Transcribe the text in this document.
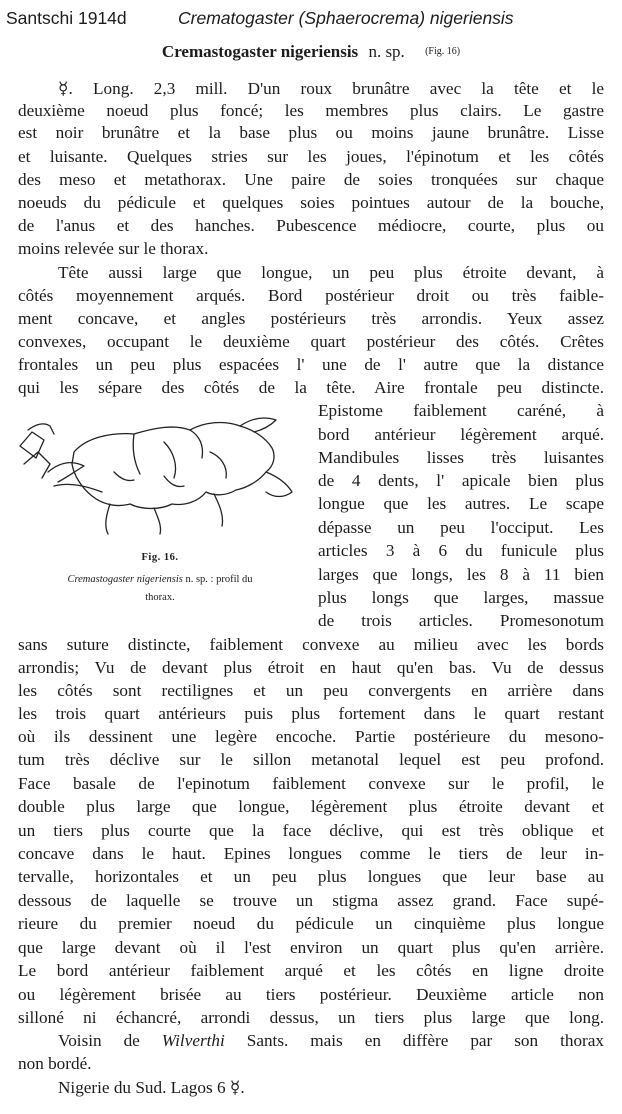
Santschi 1914d	Crematogaster (Sphaerocrema) nigeriensis
Cremastogaster nigeriensis n. sp. (Fig. 16)
☿. Long. 2,3 mill. D'un roux brunâtre avec la tête et le
deuxième noeud plus foncé; les membres plus clairs. Le gastre
est noir brunâtre et la base plus ou moins jaune brunâtre. Lisse
et luisante. Quelques stries sur les joues, l'épinotum et les côtés
des meso et metathorax. Une paire de soies tronquées sur chaque
noeuds du pédicule et quelques soies pointues autour de la bouche,
de l'anus et des hanches. Pubescence médiocre, courte, plus ou
moins relevée sur le thorax.
Tête aussi large que longue, un peu plus étroite devant, à
côtés moyennement arqués. Bord postérieur droit ou très faible-
ment concave, et angles postérieurs très arrondis. Yeux assez
convexes, occupant le deuxième quart postérieur des côtés. Crêtes
frontales un peu plus espacées l' une de l' autre que la distance
qui les sépare des côtés de la tête. Aire frontale peu distincte.
Epistome faiblement caréné, à
bord antérieur légèrement arqué.
Mandibules lisses très luisantes
de 4 dents, l' apicale bien plus
longue que les autres. Le scape
dépasse un peu l'occiput. Les
articles 3 à 6 du funicule plus
larges que longs, les 8 à 11 bien
plus longs que larges, massue
de trois articles. Promesonotum
Fig. 16.
Cremastogaster nigeriensis n. sp. : profil du
thorax.
sans suture distincte, faiblement convexe au milieu avec les bords
arrondis; Vu de devant plus étroit en haut qu'en bas. Vu de dessus
les côtés sont rectilignes et un peu convergents en arrière dans
les trois quart antérieurs puis plus fortement dans le quart restant
où ils dessinent une legère encoche. Partie postérieure du mesono-
tum très déclive sur le sillon metanotal lequel est peu profond.
Face basale de l'epinotum faiblement convexe sur le profil, le
double plus large que longue, légèrement plus étroite devant et
un tiers plus courte que la face déclive, qui est très oblique et
concave dans le haut. Epines longues comme le tiers de leur in-
tervalle, horizontales et un peu plus longues que leur base au
dessous de laquelle se trouve un stigma assez grand. Face supé-
rieure du premier noeud du pédicule un cinquième plus longue
que large devant où il l'est environ un quart plus qu'en arrière.
Le bord antérieur faiblement arqué et les côtés en ligne droite
ou légèrement brisée au tiers postérieur. Deuxième article non
silloné ni échancré, arrondi dessus, un tiers plus large que long.
Voisin de Wilverthi Sants. mais en diffère par son thorax
non bordé.
Nigerie du Sud. Lagos 6 ☿.
